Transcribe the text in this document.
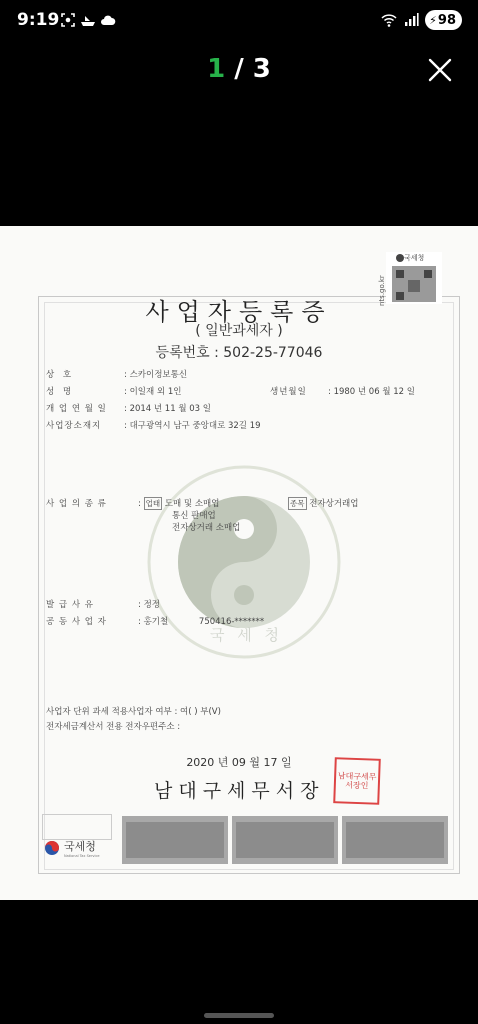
9:19	⚡ 98
1 / 3
국세청
nts.go.kr
사업자등록증
( 일반과세자 )
등록번호 : 502-25-77046
국 세 청
상 호	: 스카이정보통신
성 명	: 이일재 외 1인	생년월일 : 1980 년 06 월 12 일
개 업 연 월 일 : 2014 년 11 월 03 일
사업장소재지	: 대구광역시 남구 중앙대로 32길 19
사 업 의 종 류	: 업태 도매 및 소매업	종목 전자상거래업
통신 판매업
전자상거래 소매업
발 급 사 유	: 정정
공 동 사 업 자	: 홍기철	750416-*******
사업자 단위 과세 적용사업자 여부 : 여( ) 부(V)
전자세금계산서 전용 전자우편주소 :
2020 년 09 월 17 일
남대구세무서장
남대구세무서장인
국세청
National Tax Service
